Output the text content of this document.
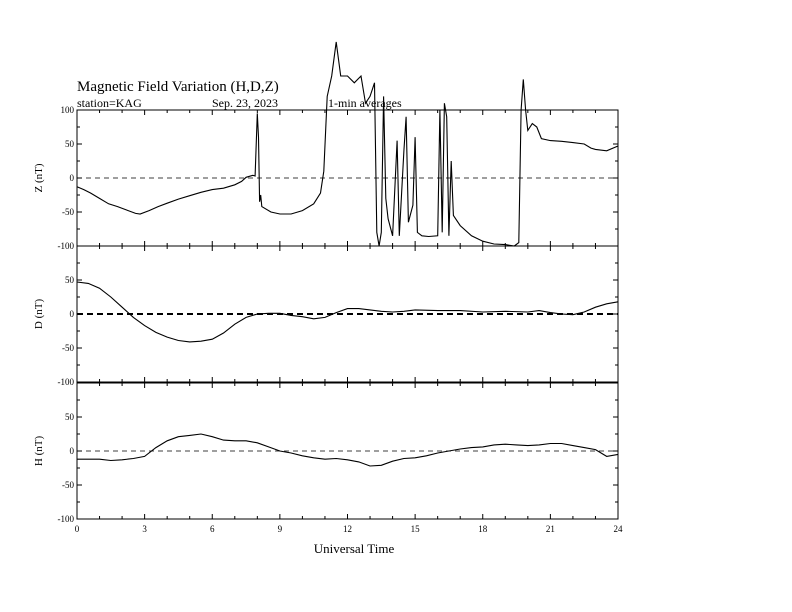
Magnetic Field Variation (H,D,Z)
station=KAG	Sep. 23, 2023	1-min averages
100
50
0
-50
-100
Z (nT)
50
0
-50
-100
D (nT)
50
0
-50
-100
H (nT)
0	3	6	9	12	15	18	21	24
Universal Time
